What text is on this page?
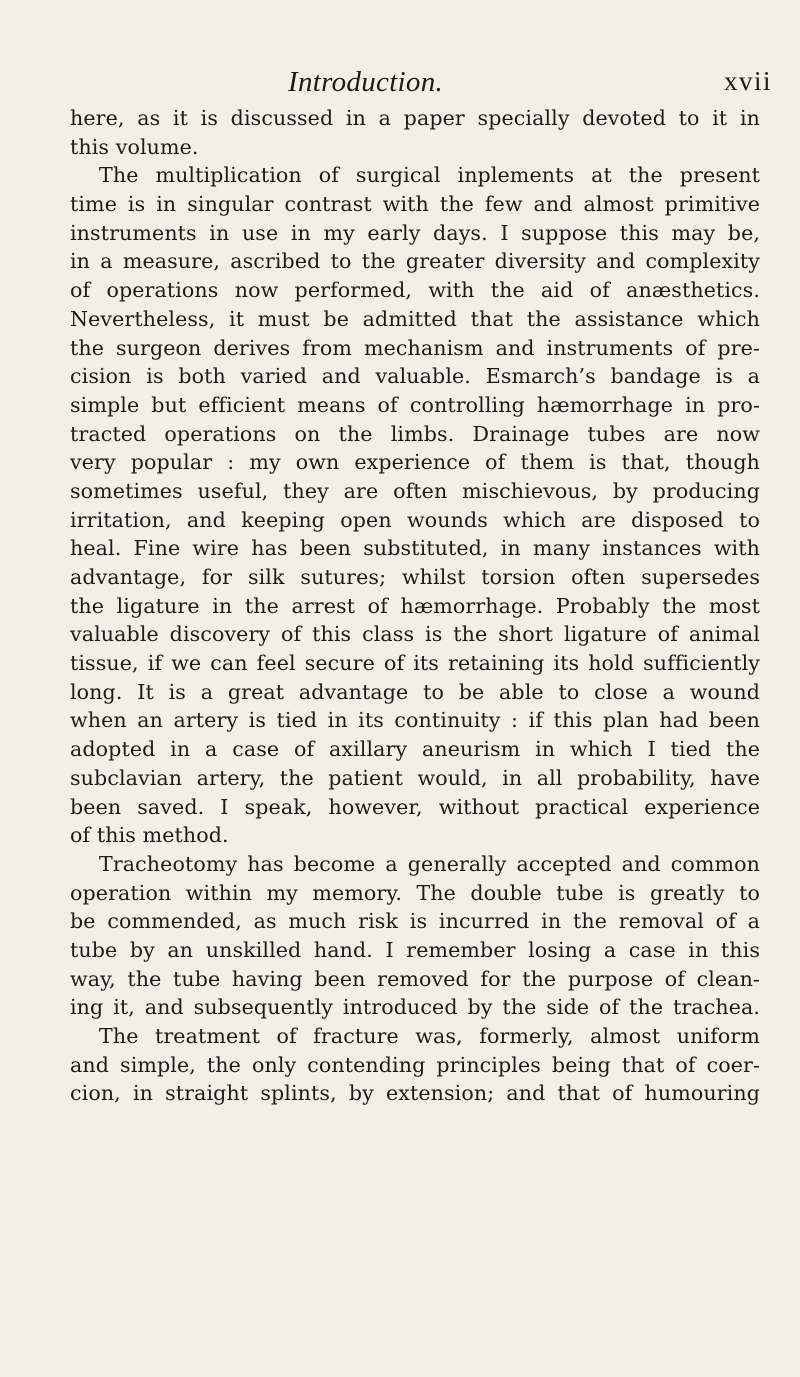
Introduction.	xvii
here, as it is discussed in a paper specially devoted to it in
this volume.
The multiplication of surgical inplements at the present
time is in singular contrast with the few and almost primitive
instruments in use in my early days. I suppose this may be,
in a measure, ascribed to the greater diversity and complexity
of operations now performed, with the aid of anæsthetics.
Nevertheless, it must be admitted that the assistance which
the surgeon derives from mechanism and instruments of pre-
cision is both varied and valuable. Esmarch’s bandage is a
simple but efficient means of controlling hæmorrhage in pro-
tracted operations on the limbs. Drainage tubes are now
very popular : my own experience of them is that, though
sometimes useful, they are often mischievous, by producing
irritation, and keeping open wounds which are disposed to
heal. Fine wire has been substituted, in many instances with
advantage, for silk sutures; whilst torsion often supersedes
the ligature in the arrest of hæmorrhage. Probably the most
valuable discovery of this class is the short ligature of animal
tissue, if we can feel secure of its retaining its hold sufficiently
long. It is a great advantage to be able to close a wound
when an artery is tied in its continuity : if this plan had been
adopted in a case of axillary aneurism in which I tied the
subclavian artery, the patient would, in all probability, have
been saved. I speak, however, without practical experience
of this method.
Tracheotomy has become a generally accepted and common
operation within my memory. The double tube is greatly to
be commended, as much risk is incurred in the removal of a
tube by an unskilled hand. I remember losing a case in this
way, the tube having been removed for the purpose of clean-
ing it, and subsequently introduced by the side of the trachea.
The treatment of fracture was, formerly, almost uniform
and simple, the only contending principles being that of coer-
cion, in straight splints, by extension; and that of humouring
